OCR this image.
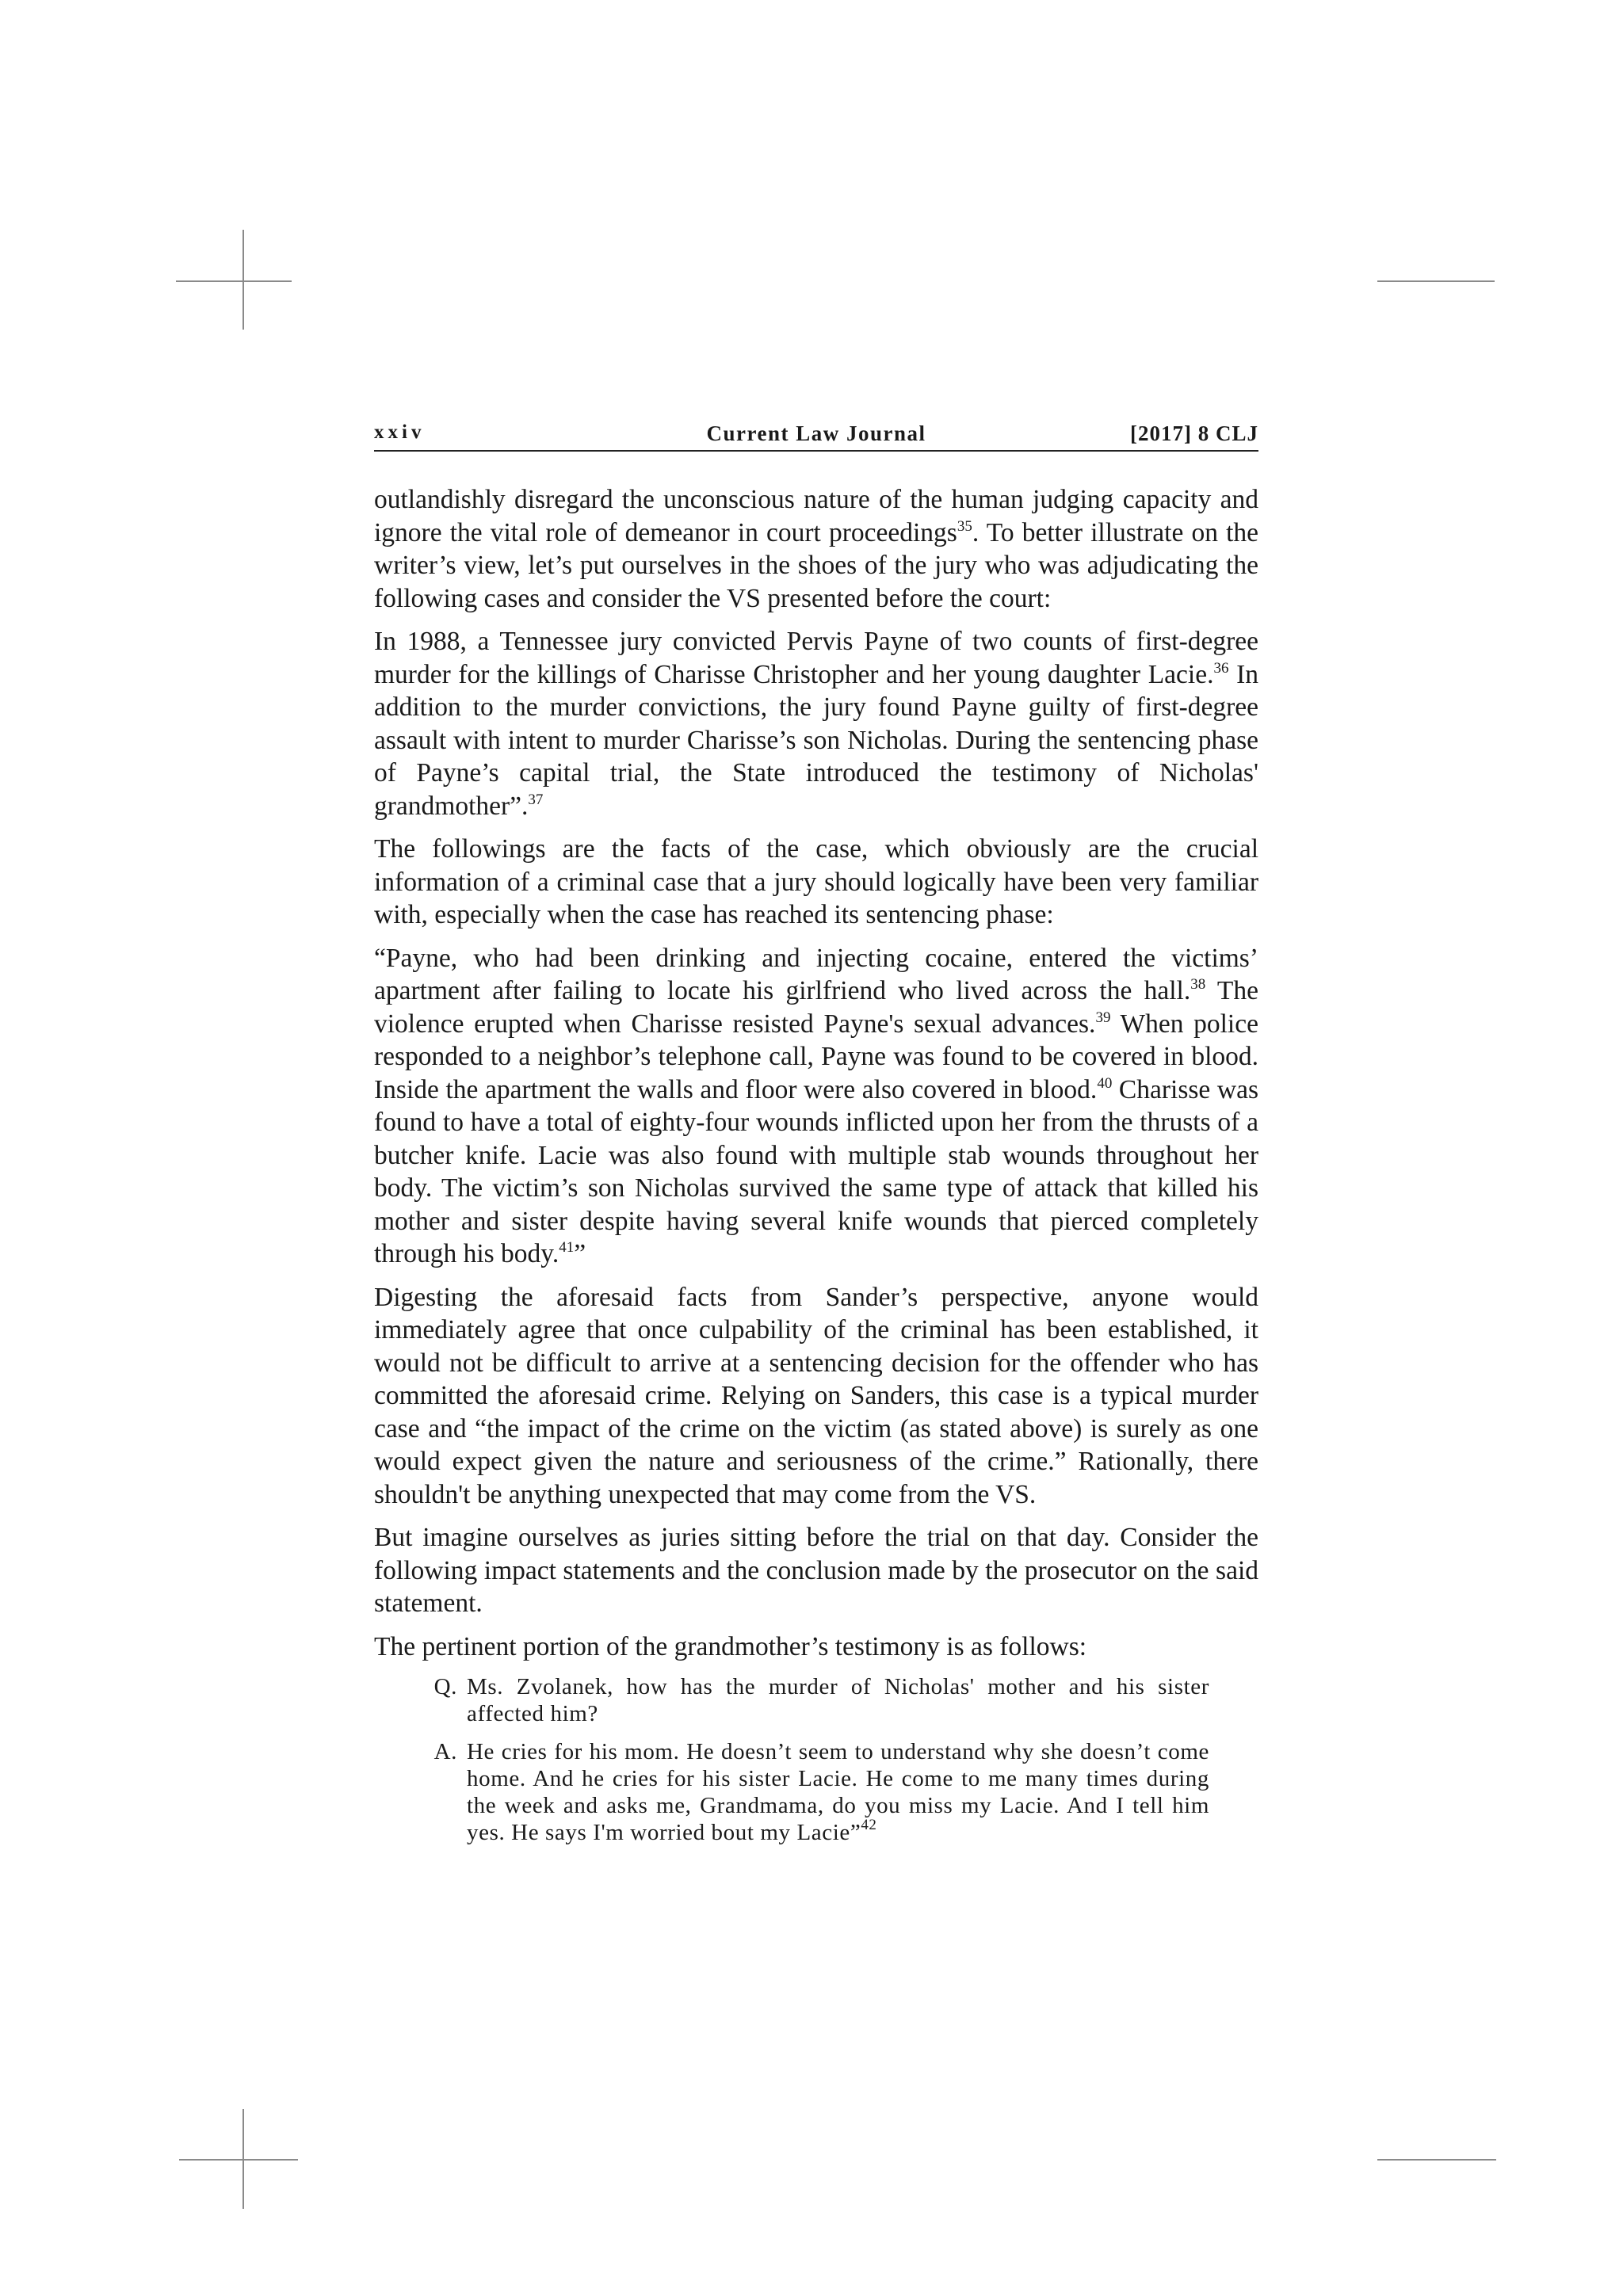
xxiv	Current Law Journal	[2017] 8 CLJ

outlandishly disregard the unconscious nature of the human judging capacity and ignore the vital role of demeanor in court proceedings$^{35}$. To better illustrate on the writer’s view, let’s put ourselves in the shoes of the jury who was adjudicating the following cases and consider the VS presented before the court:

In 1988, a Tennessee jury convicted Pervis Payne of two counts of first-degree murder for the killings of Charisse Christopher and her young daughter Lacie.$^{36}$ In addition to the murder convictions, the jury found Payne guilty of first-degree assault with intent to murder Charisse’s son Nicholas. During the sentencing phase of Payne’s capital trial, the State introduced the testimony of Nicholas' grandmother”.$^{37}$

The followings are the facts of the case, which obviously are the crucial information of a criminal case that a jury should logically have been very familiar with, especially when the case has reached its sentencing phase:

“Payne, who had been drinking and injecting cocaine, entered the victims’ apartment after failing to locate his girlfriend who lived across the hall.$^{38}$ The violence erupted when Charisse resisted Payne's sexual advances.$^{39}$ When police responded to a neighbor’s telephone call, Payne was found to be covered in blood. Inside the apartment the walls and floor were also covered in blood.$^{40}$ Charisse was found to have a total of eighty-four wounds inflicted upon her from the thrusts of a butcher knife. Lacie was also found with multiple stab wounds throughout her body. The victim’s son Nicholas survived the same type of attack that killed his mother and sister despite having several knife wounds that pierced completely through his body.$^{41}$”

Digesting the aforesaid facts from Sander’s perspective, anyone would immediately agree that once culpability of the criminal has been established, it would not be difficult to arrive at a sentencing decision for the offender who has committed the aforesaid crime. Relying on Sanders, this case is a typical murder case and “the impact of the crime on the victim (as stated above) is surely as one would expect given the nature and seriousness of the crime.” Rationally, there shouldn't be anything unexpected that may come from the VS.

But imagine ourselves as juries sitting before the trial on that day. Consider the following impact statements and the conclusion made by the prosecutor on the said statement.

The pertinent portion of the grandmother’s testimony is as follows:

Q. Ms. Zvolanek, how has the murder of Nicholas' mother and his sister affected him?
A. He cries for his mom. He doesn’t seem to understand why she doesn’t come home. And he cries for his sister Lacie. He come to me many times during the week and asks me, Grandmama, do you miss my Lacie. And I tell him yes. He says I'm worried bout my Lacie”$^{42}$
